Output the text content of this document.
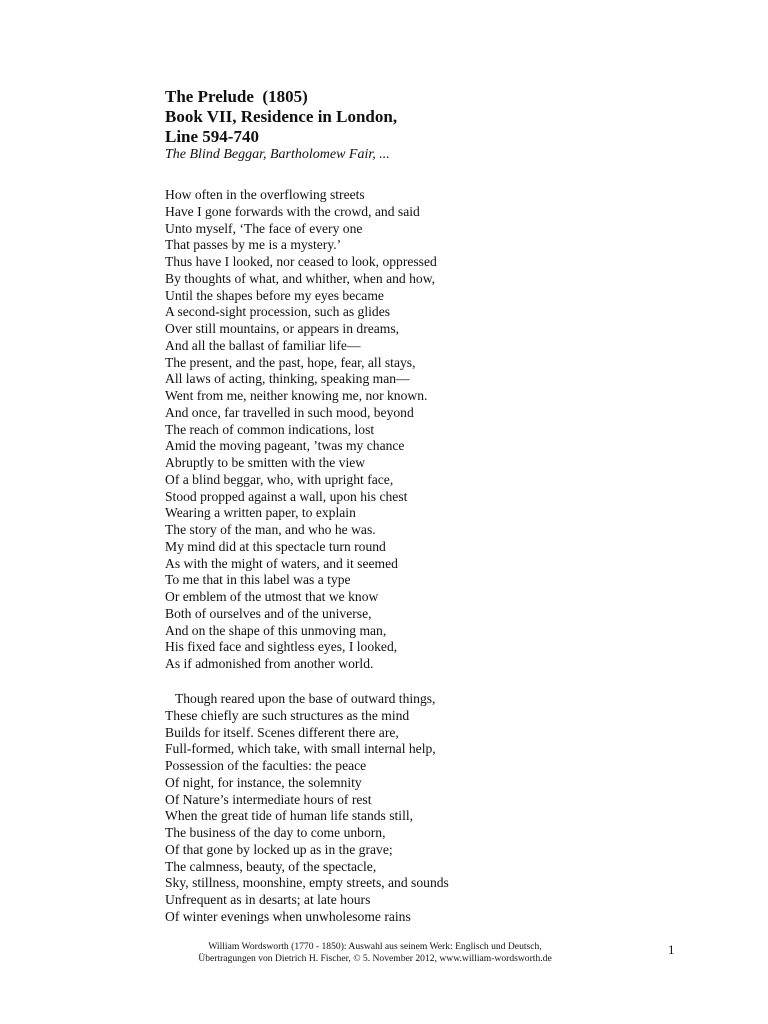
The Prelude  (1805)
Book VII, Residence in London,
Line 594-740
The Blind Beggar, Bartholomew Fair, ...
How often in the overflowing streets
Have I gone forwards with the crowd, and said
Unto myself, ‘The face of every one
That passes by me is a mystery.’
Thus have I looked, nor ceased to look, oppressed
By thoughts of what, and whither, when and how,
Until the shapes before my eyes became
A second-sight procession, such as glides
Over still mountains, or appears in dreams,
And all the ballast of familiar life—
The present, and the past, hope, fear, all stays,
All laws of acting, thinking, speaking man—
Went from me, neither knowing me, nor known.
And once, far travelled in such mood, beyond
The reach of common indications, lost
Amid the moving pageant, ’twas my chance
Abruptly to be smitten with the view
Of a blind beggar, who, with upright face,
Stood propped against a wall, upon his chest
Wearing a written paper, to explain
The story of the man, and who he was.
My mind did at this spectacle turn round
As with the might of waters, and it seemed
To me that in this label was a type
Or emblem of the utmost that we know
Both of ourselves and of the universe,
And on the shape of this unmoving man,
His fixed face and sightless eyes, I looked,
As if admonished from another world.
Though reared upon the base of outward things,
These chiefly are such structures as the mind
Builds for itself. Scenes different there are,
Full-formed, which take, with small internal help,
Possession of the faculties: the peace
Of night, for instance, the solemnity
Of Nature’s intermediate hours of rest
When the great tide of human life stands still,
The business of the day to come unborn,
Of that gone by locked up as in the grave;
The calmness, beauty, of the spectacle,
Sky, stillness, moonshine, empty streets, and sounds
Unfrequent as in desarts; at late hours
Of winter evenings when unwholesome rains
William Wordsworth (1770 - 1850): Auswahl aus seinem Werk: Englisch und Deutsch,
Übertragungen von Dietrich H. Fischer, © 5. November 2012, www.william-wordsworth.de
1
